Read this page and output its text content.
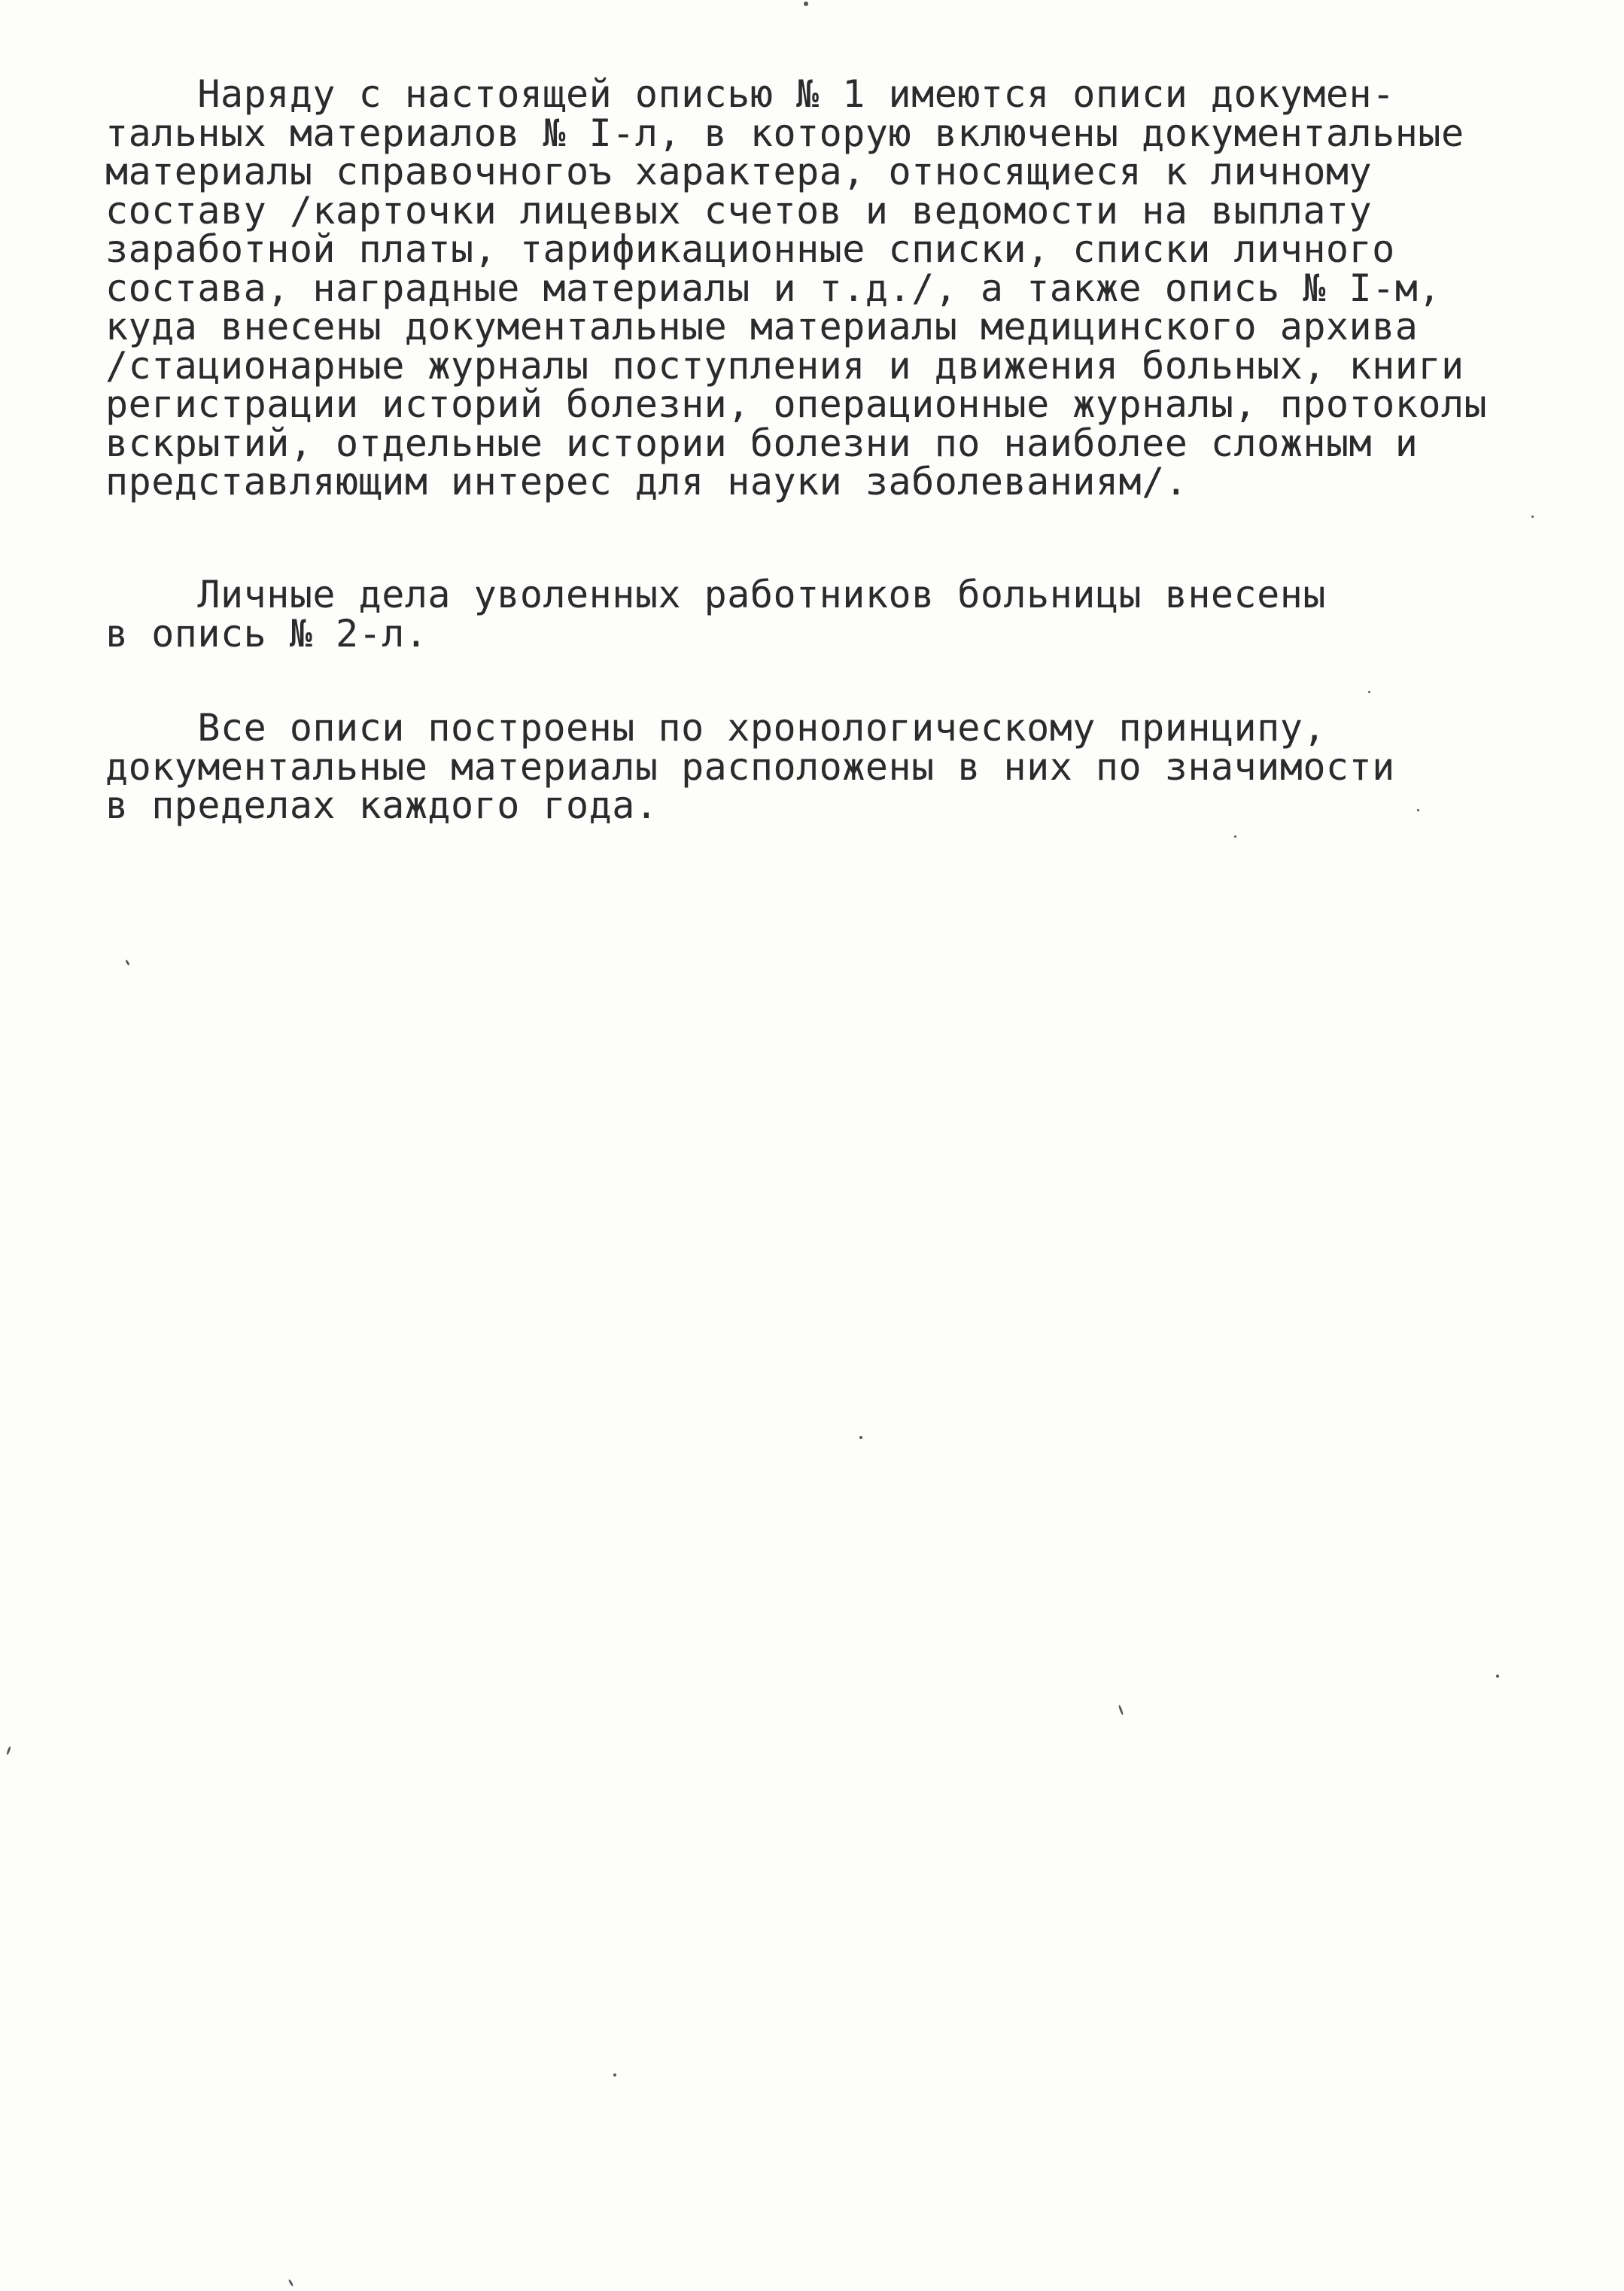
Наряду с настоящей описью № 1 имеются описи докумен-
тальных материалов № I-л, в которую включены документальные
материалы справочногоъ характера, относящиеся к личному
составу /карточки лицевых счетов и ведомости на выплату
заработной платы, тарификационные списки, списки личного
состава, наградные материалы и т.д./, а также опись № I-м,
куда внесены документальные материалы медицинского архива
/стационарные журналы поступления и движения больных, книги
регистрации историй болезни, операционные журналы, протоколы
вскрытий, отдельные истории болезни по наиболее сложным и
представляющим интерес для науки заболеваниям/.
Личные дела уволенных работников больницы внесены
в опись № 2-л.
Все описи построены по хронологическому принципу,
документальные материалы расположены в них по значимости
в пределах каждого года.
